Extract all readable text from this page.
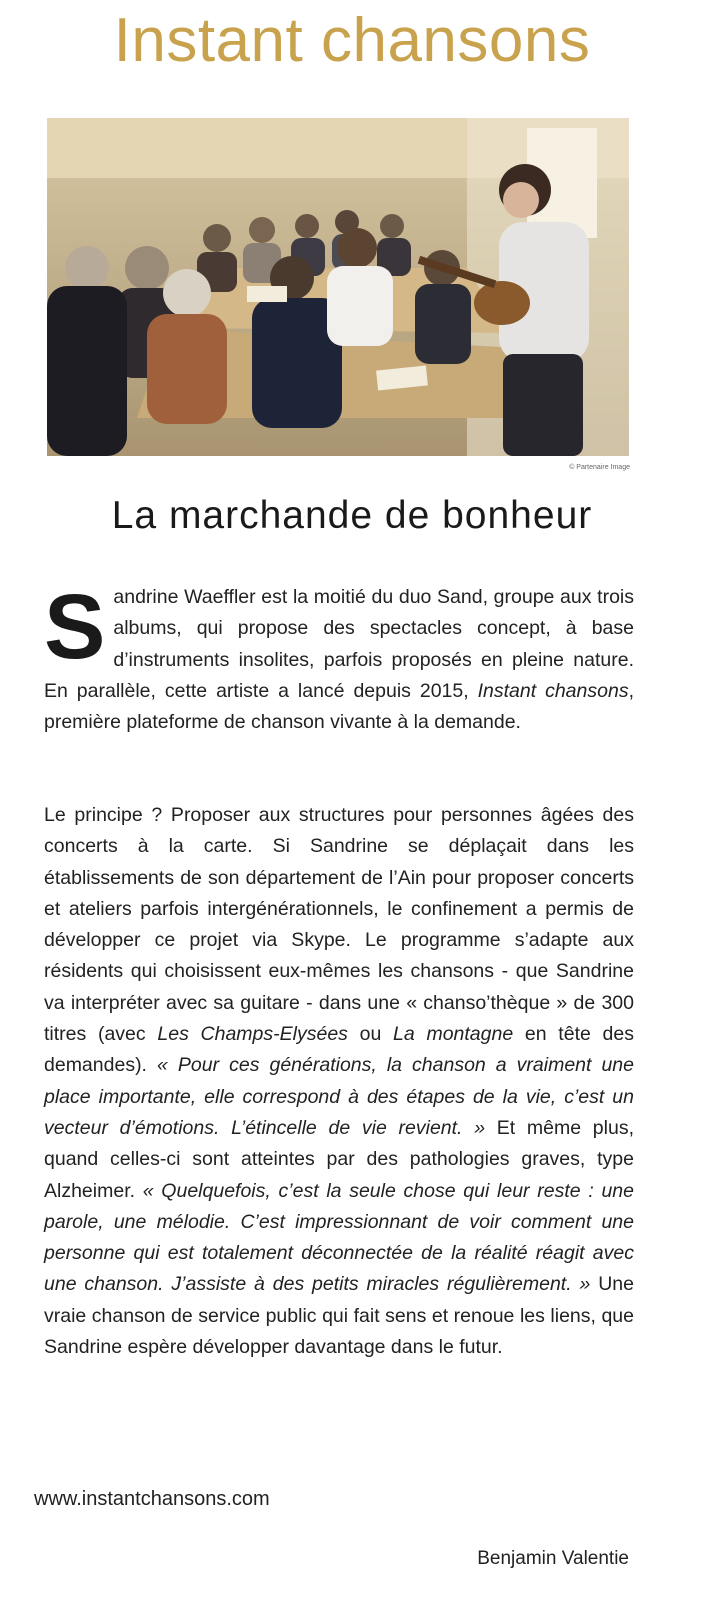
Instant chansons
© Partenaire Image
La marchande de bonheur
Sandrine Waeffler est la moitié du duo Sand, groupe aux trois albums, qui propose des spectacles concept, à base d’instruments insolites, parfois proposés en pleine nature. En parallèle, cette artiste a lancé depuis 2015, Instant chansons, première plateforme de chanson vivante à la demande.
Le principe ? Proposer aux structures pour personnes âgées des concerts à la carte. Si Sandrine se déplaçait dans les établissements de son département de l’Ain pour proposer concerts et ateliers parfois intergénérationnels, le confinement a permis de développer ce projet via Skype. Le programme s’adapte aux résidents qui choisissent eux-mêmes les chansons - que Sandrine va interpréter avec sa guitare - dans une « chanso’thèque » de 300 titres (avec Les Champs-Elysées ou La montagne en tête des demandes). « Pour ces générations, la chanson a vraiment une place importante, elle correspond à des étapes de la vie, c’est un vecteur d’émotions. L’étincelle de vie revient. » Et même plus, quand celles-ci sont atteintes par des pathologies graves, type Alzheimer. « Quelquefois, c’est la seule chose qui leur reste : une parole, une mélodie. C’est impressionnant de voir comment une personne qui est totalement déconnectée de la réalité réagit avec une chanson. J’assiste à des petits miracles régulièrement. » Une vraie chanson de service public qui fait sens et renoue les liens, que Sandrine espère développer davantage dans le futur.
www.instantchansons.com
Benjamin Valentie
